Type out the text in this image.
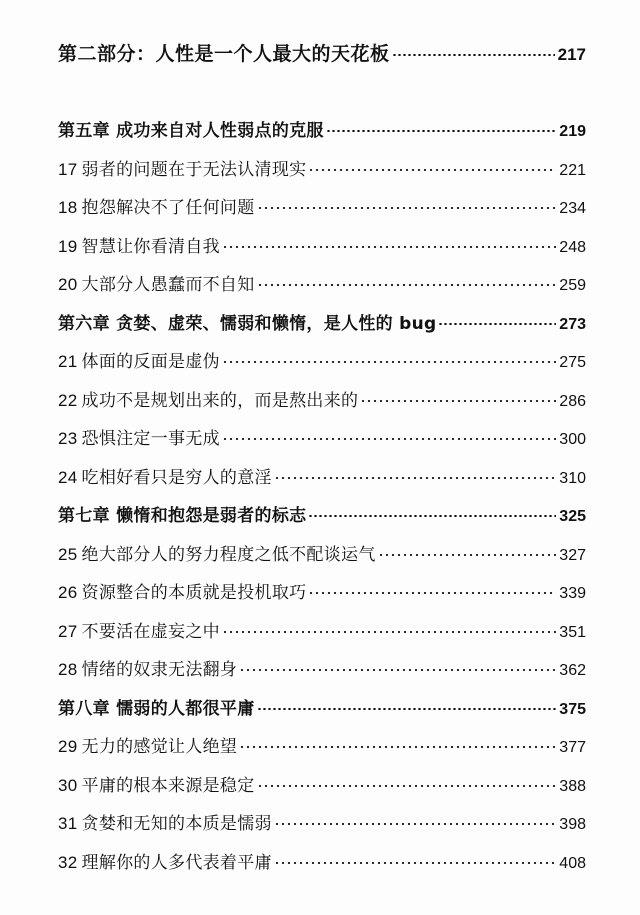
第二部分：人性是一个人最大的天花板	217
第五章 成功来自对人性弱点的克服	219
17 弱者的问题在于无法认清现实	221
18 抱怨解决不了任何问题	234
19 智慧让你看清自我	248
20 大部分人愚蠢而不自知	259
第六章 贪婪、虚荣、懦弱和懒惰，是人性的 bug	273
21 体面的反面是虚伪	275
22 成功不是规划出来的，而是熬出来的	286
23 恐惧注定一事无成	300
24 吃相好看只是穷人的意淫	310
第七章 懒惰和抱怨是弱者的标志	325
25 绝大部分人的努力程度之低不配谈运气	327
26 资源整合的本质就是投机取巧	339
27 不要活在虚妄之中	351
28 情绪的奴隶无法翻身	362
第八章 懦弱的人都很平庸	375
29 无力的感觉让人绝望	377
30 平庸的根本来源是稳定	388
31 贪婪和无知的本质是懦弱	398
32 理解你的人多代表着平庸	408
